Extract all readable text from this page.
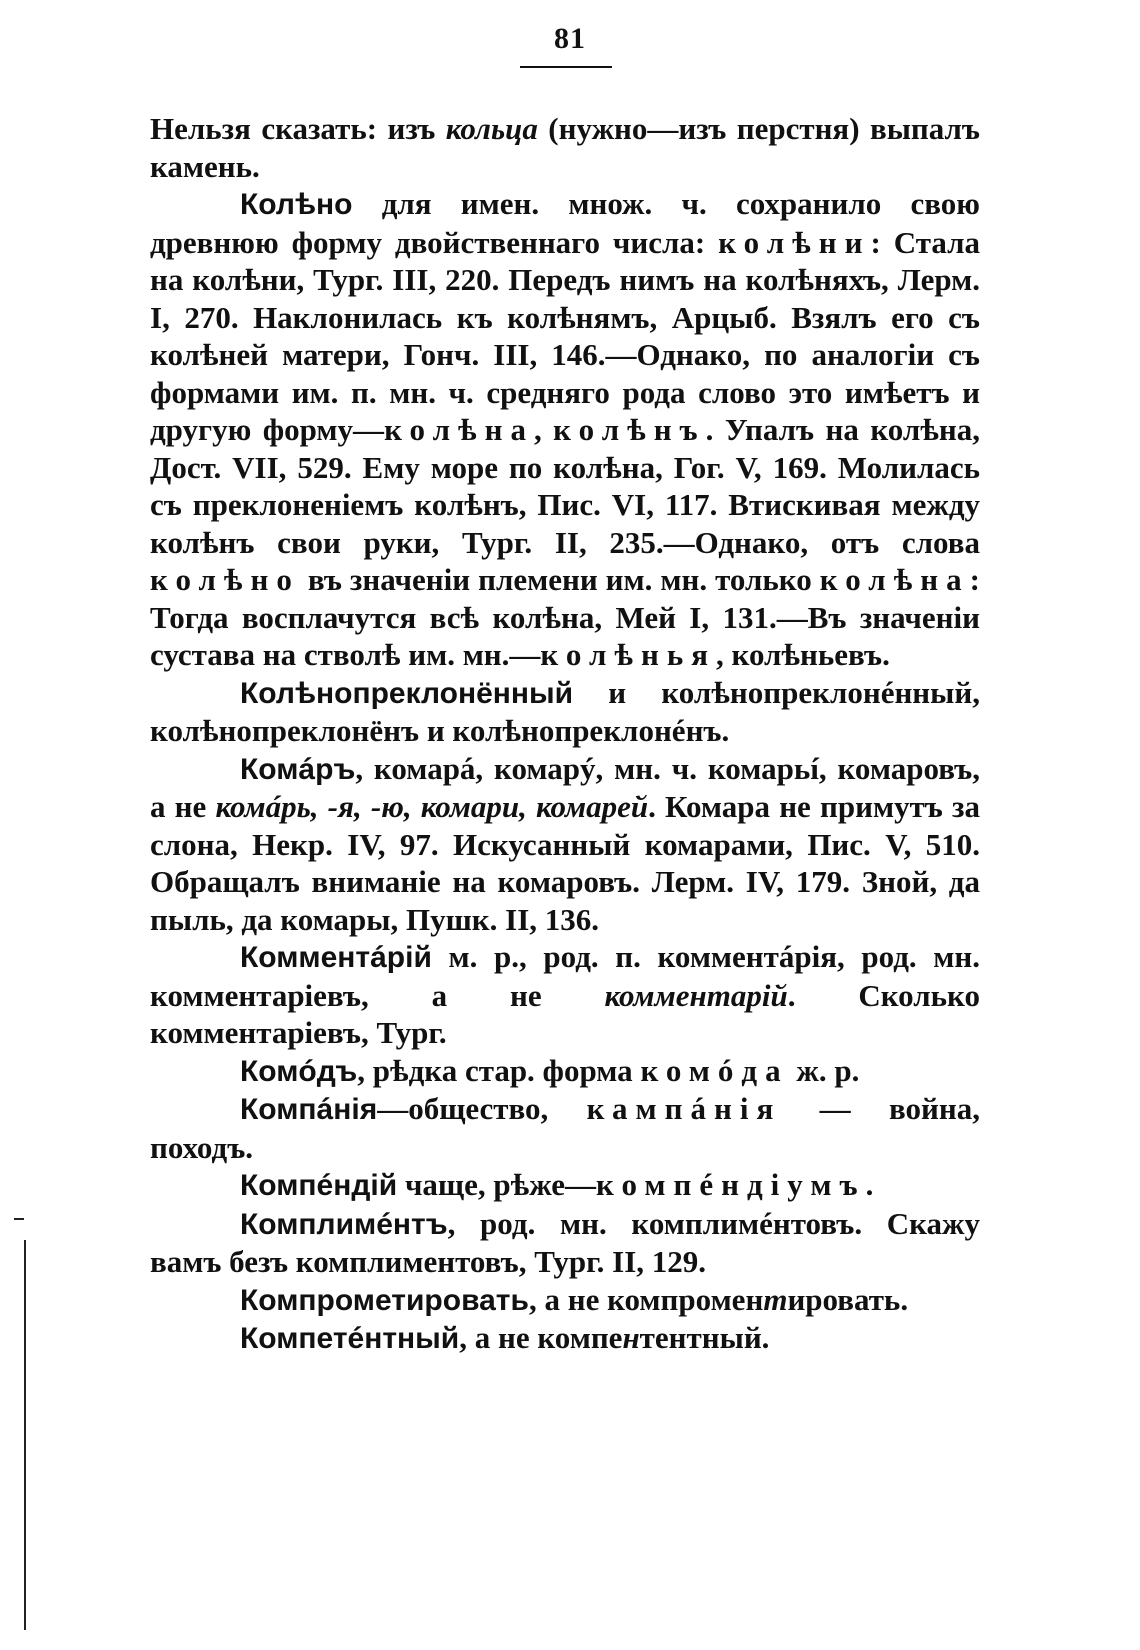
81

Нельзя сказать: изъ кольца (нужно—изъ перстня) выпалъ камень.

Колѣно для имен. множ. ч. сохранило свою древнюю форму двойственнаго числа: колѣни: Стала на колѣни, Тург. III, 220. Передъ нимъ на колѣняхъ, Лерм. I, 270. Наклонилась къ колѣнямъ, Арцыб. Взялъ его съ колѣней матери, Гонч. III, 146.—Однако, по аналогіи съ формами им. п. мн. ч. средняго рода слово это имѣетъ и другую форму—колѣна, колѣнъ. Упалъ на колѣна, Дост. VII, 529. Ему море по колѣна, Гог. V, 169. Молилась съ преклоненіемъ колѣнъ, Пис. VI, 117. Втискивая между колѣнъ свои руки, Тург. II, 235.—Однако, отъ слова колѣно въ значеніи племени им. мн. только колѣна: Тогда восплачутся всѣ колѣна, Мей I, 131.—Въ значеніи сустава на стволѣ им. мн.—колѣнья, колѣньевъ.

Колѣнопреклонённый и колѣнопреклонéнный, колѣнопреклонёнъ и колѣнопреклонéнъ.

Комáръ, комарá, комарý, мн. ч. комарьí, комаровъ, а не комáрь, -я, -ю, комари, комарей. Комара не примутъ за слона, Некр. IV, 97. Искусанный комарами, Пис. V, 510. Обращалъ вниманіе на комаровъ. Лерм. IV, 179. Зной, да пыль, да комары, Пушк. II, 136.

Комментáрій м. р., род. п. комментáрія, род. мн. комментаріевъ, а не комментарій. Сколько комментаріевъ, Тург.

Комóдъ, рѣдка стар. форма комóда ж. р.

Компáнія—общество, кампáнія — война, походъ.

Компéндій чаще, рѣже—компéндіумъ.

Комплимéнтъ, род. мн. комплимéнтовъ. Скажу вамъ безъ комплиментовъ, Тург. II, 129.

Компрометировать, а не компроментировать.

Компетéнтный, а не компентентный.
